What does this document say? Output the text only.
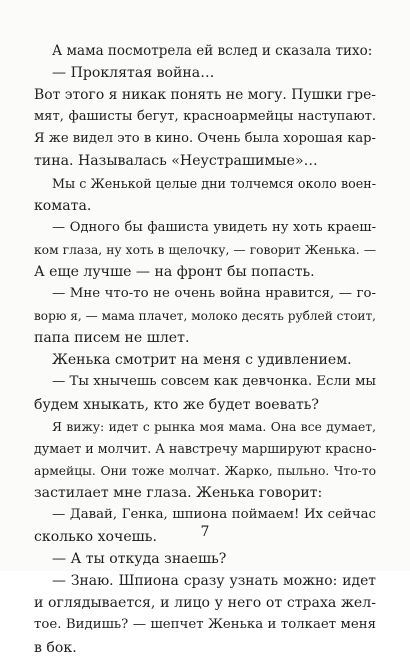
А мама посмотрела ей вслед и сказала тихо:
— Проклятая война…
Вот этого я никак понять не могу. Пушки гре-
мят, фашисты бегут, красноармейцы наступают.
Я же видел это в кино. Очень была хорошая кар-
тина. Называлась «Неустрашимые»…
Мы с Женькой целые дни толчемся около воен-
комата.
— Одного бы фашиста увидеть ну хоть краеш-
ком глаза, ну хоть в щелочку, — говорит Женька. —
А еще лучше — на фронт бы попасть.
— Мне что-то не очень война нравится, — го-
ворю я, — мама плачет, молоко десять рублей стоит,
папа писем не шлет.
Женька смотрит на меня с удивлением.
— Ты хнычешь совсем как девчонка. Если мы
будем хныкать, кто же будет воевать?
Я вижу: идет с рынка моя мама. Она все думает,
думает и молчит. А навстречу маршируют красно-
армейцы. Они тоже молчат. Жарко, пыльно. Что-то
застилает мне глаза. Женька говорит:
— Давай, Генка, шпиона поймаем! Их сейчас
сколько хочешь.
— А ты откуда знаешь?
— Знаю. Шпиона сразу узнать можно: идет
и оглядывается, и лицо у него от страха жел-
тое. Видишь? — шепчет Женька и толкает меня
в бок.
7
